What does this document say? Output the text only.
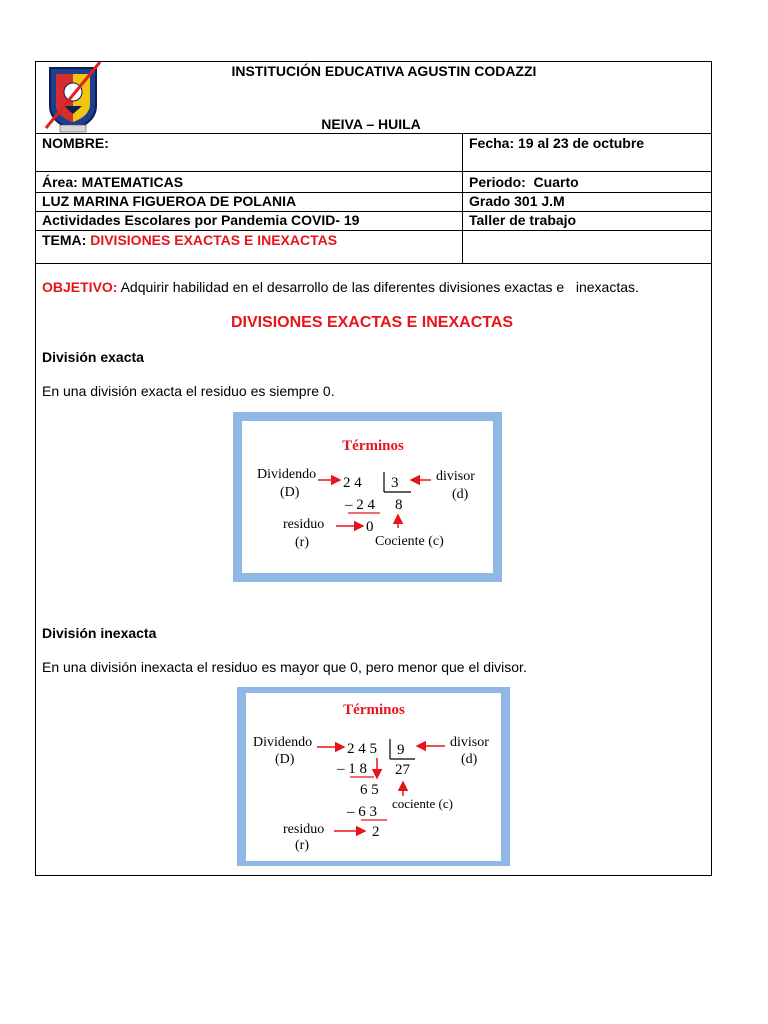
INSTITUCIÓN EDUCATIVA AGUSTIN CODAZZI
NEIVA – HUILA
NOMBRE:	Fecha: 19 al 23 de octubre
Área: MATEMATICAS	Periodo:  Cuarto
LUZ MARINA FIGUEROA DE POLANIA	Grado 301 J.M
Actividades Escolares por Pandemia COVID- 19	Taller de trabajo
TEMA: DIVISIONES EXACTAS E INEXACTAS
OBJETIVO: Adquirir habilidad en el desarrollo de las diferentes divisiones exactas e   inexactas.
DIVISIONES EXACTAS E INEXACTAS
División exacta
En una división exacta el residuo es siempre 0.
Términos
Dividendo
(D)
2 4 3	divisor
(d)
– 2 4 8
residuo
(r)
0
Cociente (c)
División inexacta
En una división inexacta el residuo es mayor que 0, pero menor que el divisor.
Términos
Dividendo
(D)
2 4 5 9	divisor
(d)
– 1 8 27
6 5
– 6 3
cociente (c)
residuo
(r)
2
